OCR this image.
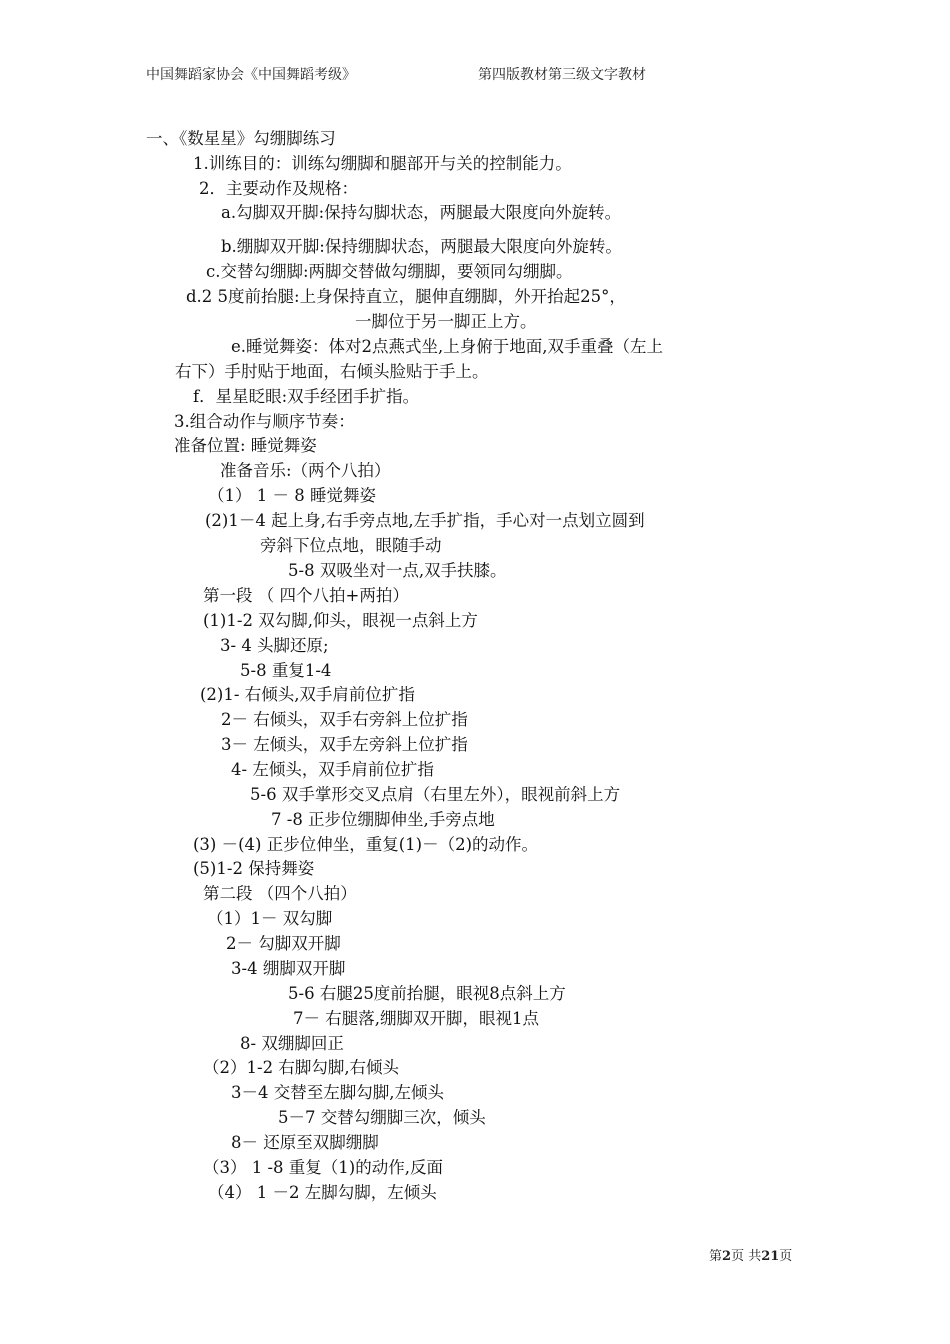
中国舞蹈家协会《中国舞蹈考级》	第四版教材第三级文字教材
一、《数星星》勾绷脚练习
1.训练目的：训练勾绷脚和腿部开与关的控制能力。
2．主要动作及规格：
a.勾脚双开脚:保持勾脚状态，两腿最大限度向外旋转。
b.绷脚双开脚:保持绷脚状态，两腿最大限度向外旋转。
c.交替勾绷脚:两脚交替做勾绷脚，要领同勾绷脚。
d.2 5度前抬腿:上身保持直立，腿伸直绷脚，外开抬起25°，
一脚位于另一脚正上方。
e.睡觉舞姿：体对2点燕式坐,上身俯于地面,双手重叠（左上
右下）手肘贴于地面，右倾头脸贴于手上。
f．星星眨眼:双手经团手扩指。
3.组合动作与顺序节奏：
准备位置: 睡觉舞姿
准备音乐:（两个八拍）
（1） 1 － 8 睡觉舞姿
(2)1－4 起上身,右手旁点地,左手扩指，手心对一点划立圆到
旁斜下位点地，眼随手动
5-8 双吸坐对一点,双手扶膝。
第一段 （ 四个八拍+两拍）
(1)1-2 双勾脚,仰头，眼视一点斜上方
3- 4 头脚还原;
5-8 重复1-4
(2)1- 右倾头,双手肩前位扩指
2－ 右倾头，双手右旁斜上位扩指
3－ 左倾头，双手左旁斜上位扩指
4- 左倾头，双手肩前位扩指
5-6 双手掌形交叉点肩（右里左外），眼视前斜上方
7 -8 正步位绷脚伸坐,手旁点地
(3) －(4) 正步位伸坐，重复(1)－（2)的动作。
(5)1-2 保持舞姿
第二段 （四个八拍）
（1）1－ 双勾脚
2－ 勾脚双开脚
3-4 绷脚双开脚
5-6 右腿25度前抬腿，眼视8点斜上方
7－ 右腿落,绷脚双开脚，眼视1点
8- 双绷脚回正
（2）1-2 右脚勾脚,右倾头
3－4 交替至左脚勾脚,左倾头
5－7 交替勾绷脚三次，倾头
8－ 还原至双脚绷脚
（3） 1 -8 重复（1)的动作,反面
（4） 1 －2 左脚勾脚，左倾头
第2页 共21页
